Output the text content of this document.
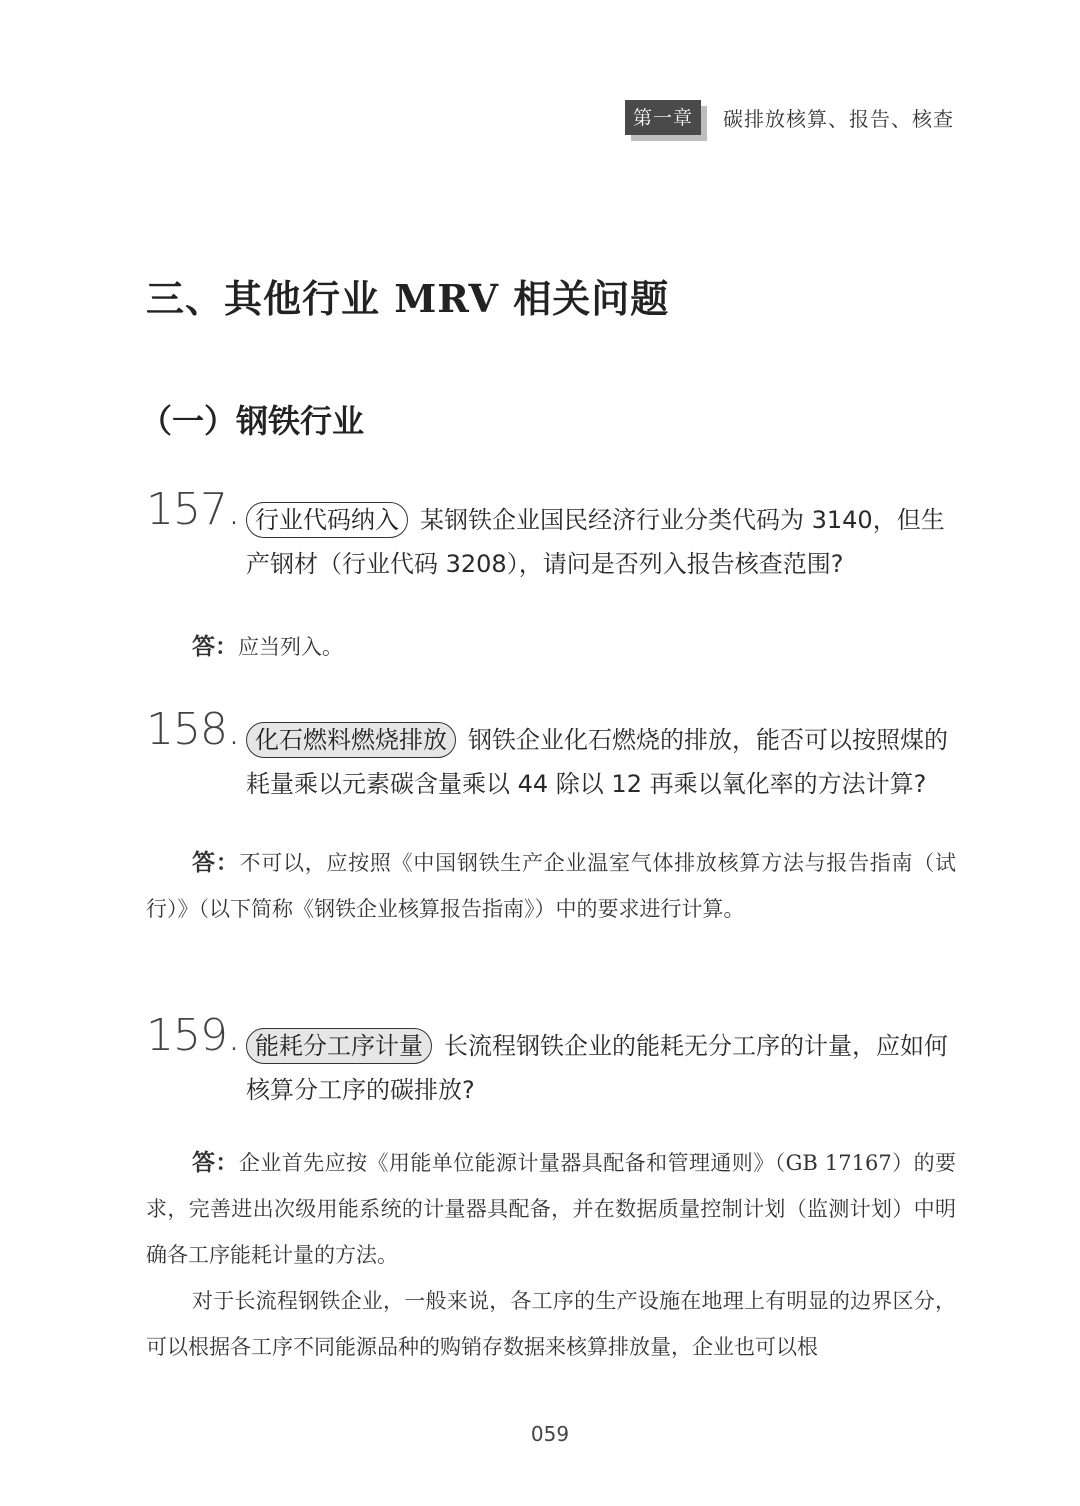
第一章	碳排放核算、报告、核查
三、其他行业 MRV 相关问题
（一）钢铁行业
157. 行业代码纳入 某钢铁企业国民经济行业分类代码为 3140，但生产钢材（行业代码 3208），请问是否列入报告核查范围?
答：应当列入。
158. 化石燃料燃烧排放 钢铁企业化石燃烧的排放，能否可以按照煤的耗量乘以元素碳含量乘以 44 除以 12 再乘以氧化率的方法计算?
答：不可以，应按照《中国钢铁生产企业温室气体排放核算方法与报告指南（试行）》（以下简称《钢铁企业核算报告指南》）中的要求进行计算。
159. 能耗分工序计量 长流程钢铁企业的能耗无分工序的计量，应如何核算分工序的碳排放?
答：企业首先应按《用能单位能源计量器具配备和管理通则》（GB 17167）的要求，完善进出次级用能系统的计量器具配备，并在数据质量控制计划（监测计划）中明确各工序能耗计量的方法。
对于长流程钢铁企业，一般来说，各工序的生产设施在地理上有明显的边界区分，可以根据各工序不同能源品种的购销存数据来核算排放量，企业也可以根
059
